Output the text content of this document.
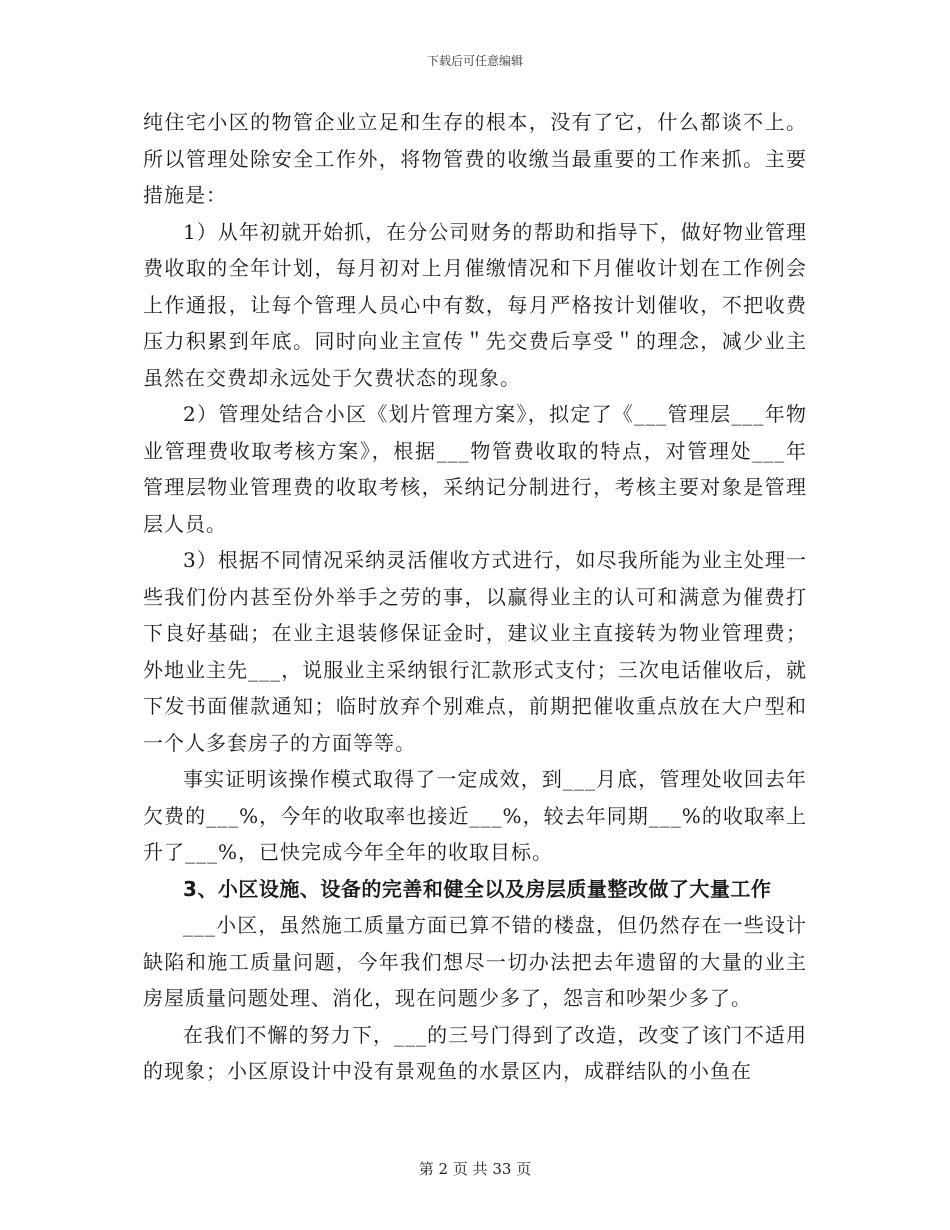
下载后可任意编辑

纯住宅小区的物管企业立足和生存的根本，没有了它，什么都谈不上。所以管理处除安全工作外，将物管费的收缴当最重要的工作来抓。主要措施是：

1）从年初就开始抓，在分公司财务的帮助和指导下，做好物业管理费收取的全年计划，每月初对上月催缴情况和下月催收计划在工作例会上作通报，让每个管理人员心中有数，每月严格按计划催收，不把收费压力积累到年底。同时向业主宣传＂先交费后享受＂的理念，减少业主虽然在交费却永远处于欠费状态的现象。

2）管理处结合小区《划片管理方案》，拟定了《___管理层___年物业管理费收取考核方案》，根据___物管费收取的特点，对管理处___年管理层物业管理费的收取考核，采纳记分制进行，考核主要对象是管理层人员。

3）根据不同情况采纳灵活催收方式进行，如尽我所能为业主处理一些我们份内甚至份外举手之劳的事，以赢得业主的认可和满意为催费打下良好基础；在业主退装修保证金时，建议业主直接转为物业管理费；外地业主先___，说服业主采纳银行汇款形式支付；三次电话催收后，就下发书面催款通知；临时放弃个别难点，前期把催收重点放在大户型和一个人多套房子的方面等等。

事实证明该操作模式取得了一定成效，到___月底，管理处收回去年欠费的___%，今年的收取率也接近___%，较去年同期___%的收取率上升了___%，已快完成今年全年的收取目标。

3、小区设施、设备的完善和健全以及房层质量整改做了大量工作

___小区，虽然施工质量方面已算不错的楼盘，但仍然存在一些设计缺陷和施工质量问题，今年我们想尽一切办法把去年遗留的大量的业主房屋质量问题处理、消化，现在问题少多了，怨言和吵架少多了。

在我们不懈的努力下，___的三号门得到了改造，改变了该门不适用的现象；小区原设计中没有景观鱼的水景区内，成群结队的小鱼在

第 2 页 共 33 页
